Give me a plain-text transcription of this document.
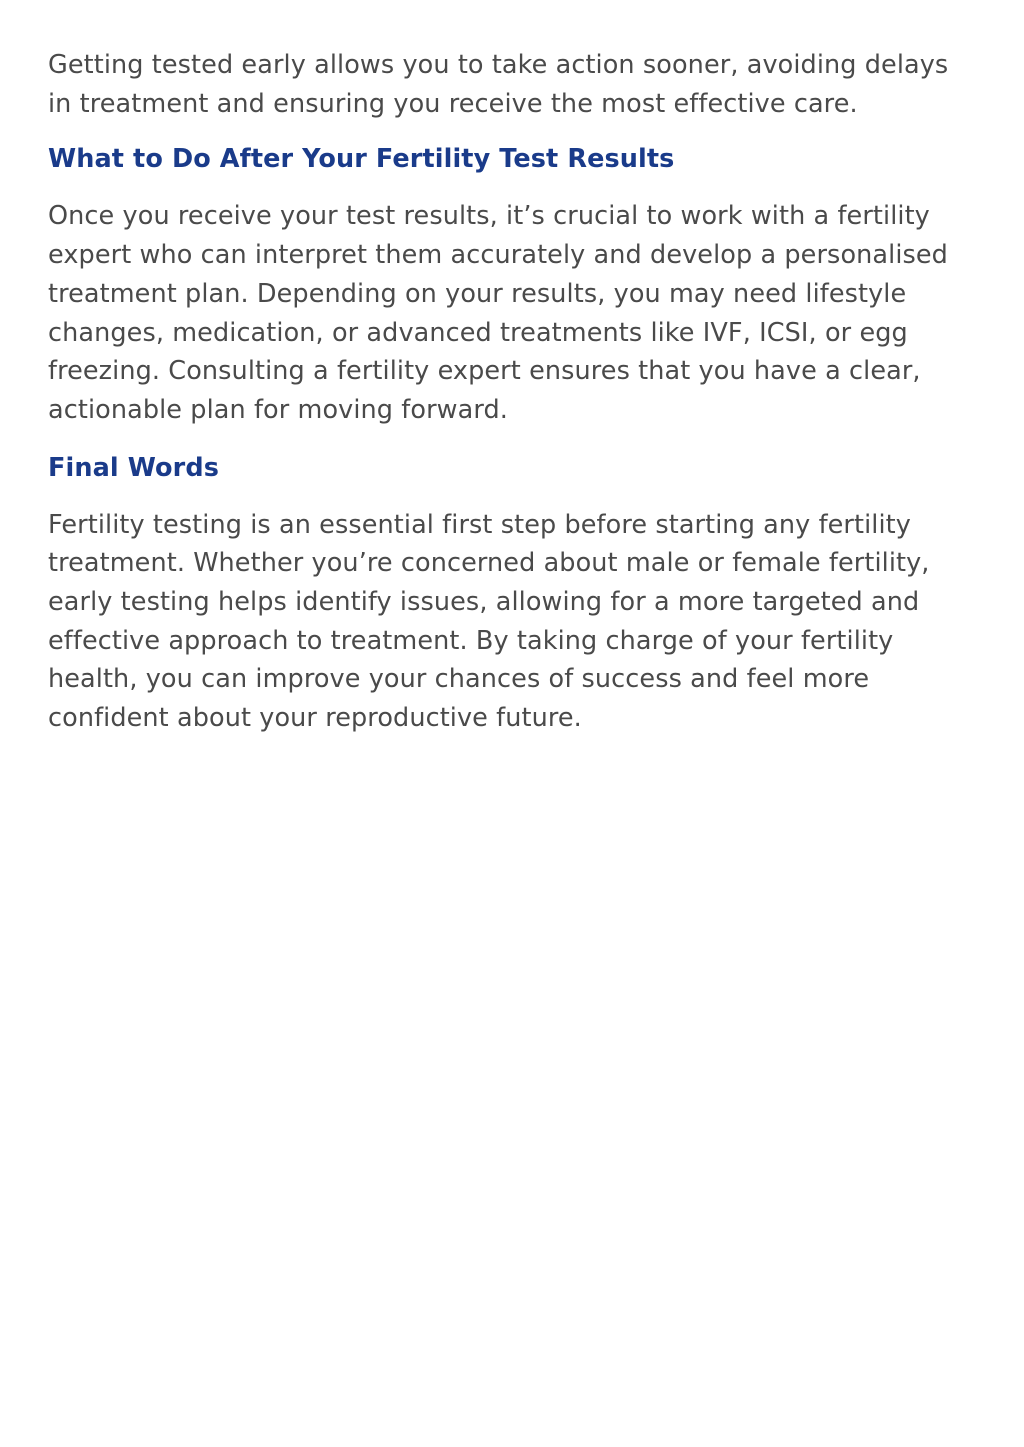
Getting tested early allows you to take action sooner, avoiding delays
in treatment and ensuring you receive the most effective care.

What to Do After Your Fertility Test Results

Once you receive your test results, it’s crucial to work with a fertility
expert who can interpret them accurately and develop a personalised
treatment plan. Depending on your results, you may need lifestyle
changes, medication, or advanced treatments like IVF, ICSI, or egg
freezing. Consulting a fertility expert ensures that you have a clear,
actionable plan for moving forward.

Final Words

Fertility testing is an essential first step before starting any fertility
treatment. Whether you’re concerned about male or female fertility,
early testing helps identify issues, allowing for a more targeted and
effective approach to treatment. By taking charge of your fertility
health, you can improve your chances of success and feel more
confident about your reproductive future.
